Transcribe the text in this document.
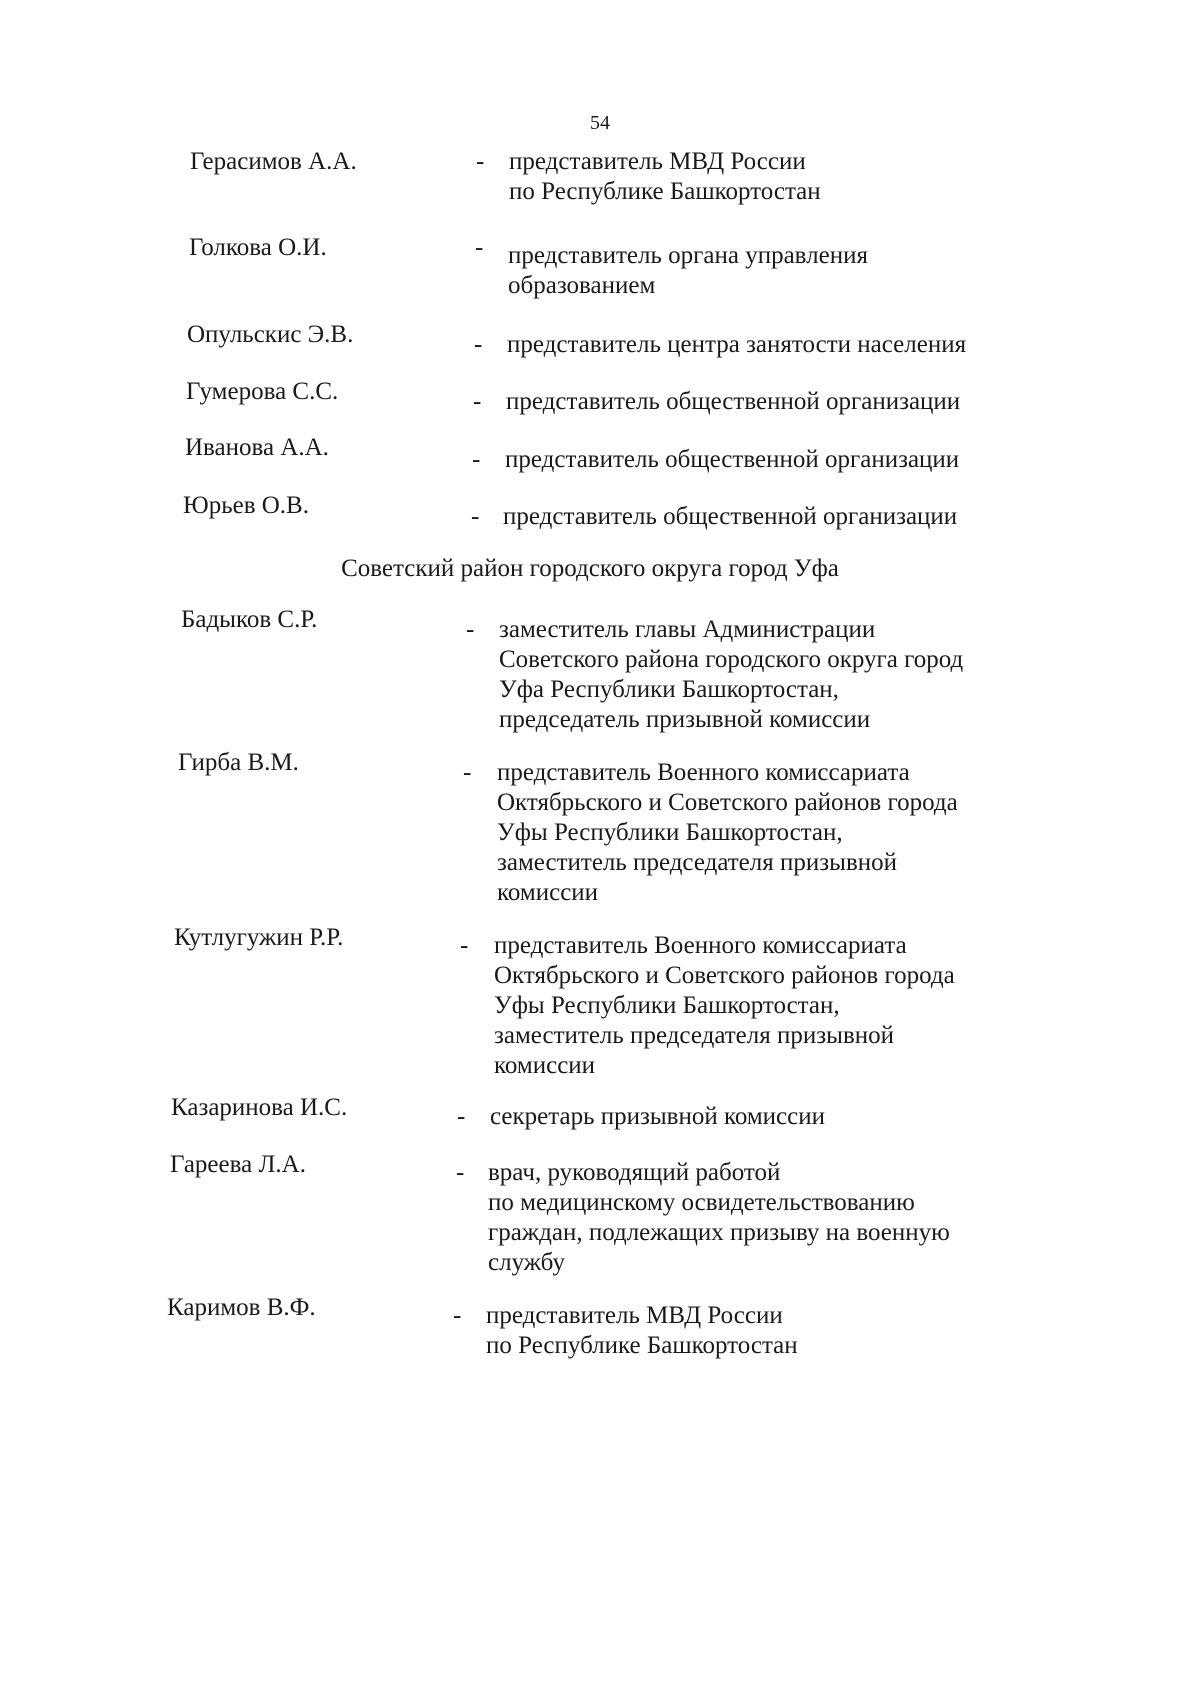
54
Герасимов А.А.	- представитель МВД России
по Республике Башкортостан
Голкова О.И.	- представитель органа управления
образованием
Опульскис Э.В.	- представитель центра занятости населения
Гумерова С.С.	- представитель общественной организации
Иванова А.А.	- представитель общественной организации
Юрьев О.В.	- представитель общественной организации
Советский район городского округа город Уфа
Бадыков С.Р.	- заместитель главы Администрации
Советского района городского округа город
Уфа Республики Башкортостан,
председатель призывной комиссии
Гирба В.М.	- представитель Военного комиссариата
Октябрьского и Советского районов города
Уфы Республики Башкортостан,
заместитель председателя призывной
комиссии
Кутлугужин Р.Р.	- представитель Военного комиссариата
Октябрьского и Советского районов города
Уфы Республики Башкортостан,
заместитель председателя призывной
комиссии
Казаринова И.С.	- секретарь призывной комиссии
Гареева Л.А.	- врач, руководящий работой
по медицинскому освидетельствованию
граждан, подлежащих призыву на военную
службу
Каримов В.Ф.	- представитель МВД России
по Республике Башкортостан
